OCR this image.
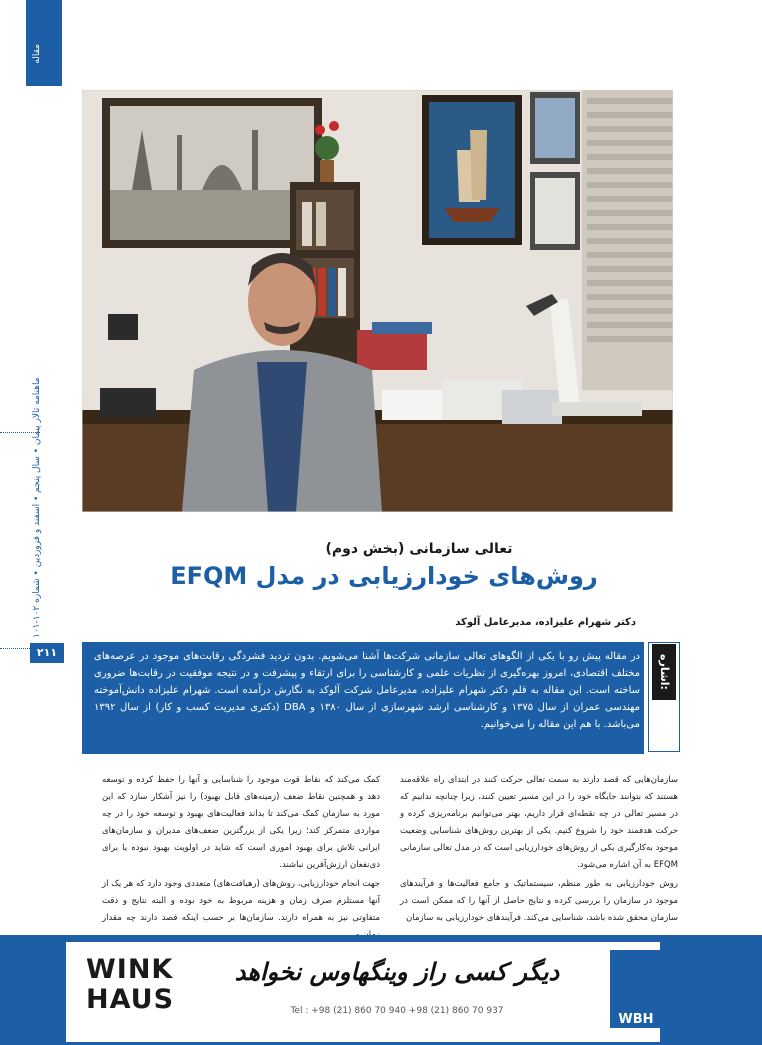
مقاله
ماهنامه تالار پیمان • سال پنجم • اسفند و فروردین • شماره ۱۰۲-۱۰۱
۲۱۱
تعالی سازمانی (بخش دوم)
روش‌های خودارزیابی در مدل EFQM
دکتر شهرام علیزاده، مدیرعامل آلوکد

در مقاله پیش رو با یکی از الگوهای تعالی سازمانی شرکت‌ها آشنا می‌شویم. بدون تردید فشردگی رقابت‌های موجود در عرصه‌های مختلف اقتصادی، امروز بهره‌گیری از نظریات علمی و کارشناسی را برای ارتقاء و پیشرفت و در نتیجه موفقیت در رقابت‌ها ضروری ساخته است. این مقاله به قلم دکتر شهرام علیزاده، مدیرعامل شرکت آلوکد به نگارش درآمده است. شهرام علیزاده دانش‌آموخته مهندسی عمران از سال ۱۳۷۵ و کارشناسی ارشد شهرسازی از سال ۱۳۸۰ و DBA (دکتری مدیریت کسب و کار) از سال ۱۳۹۲ می‌باشد. با هم این مقاله را می‌خوانیم.

اشاره:

سازمان‌هایی که قصد دارند به سمت تعالی حرکت کنند در ابتدای راه علاقه‌مند هستند که بتوانند جایگاه خود را در این مسیر تعیین کنند، زیرا چنانچه ندانیم که در مسیر تعالی در چه نقطه‌ای قرار داریم، بهتر می‌توانیم برنامه‌ریزی کرده و حرکت هدفمند خود را شروع کنیم. یکی از بهترین روش‌های شناسایی وضعیت موجود به‌کارگیری یکی از روش‌های خودارزیابی است که در مدل تعالی سازمانی EFQM به آن اشاره می‌شود.

روش خودارزیابی به طور منظم، سیستماتیک و جامع فعالیت‌ها و فرآیندهای موجود در سازمان را بررسی کرده و نتایج حاصل از آنها را که ممکن است در سازمان محقق شده باشد، شناسایی می‌کند. فرآیندهای خودارزیابی به سازمان

کمک می‌کند که نقاط قوت موجود را شناسایی و آنها را حفظ کرده و توسعه دهد و همچنین نقاط ضعف (زمینه‌های قابل بهبود) را نیز آشکار سازد که این مورد به سازمان کمک می‌کند تا بداند فعالیت‌های بهبود و توسعه خود را در چه مواردی متمرکز کند؛ زیرا یکی از بزرگترین ضعف‌های مدیران و سازمان‌های ایرانی تلاش برای بهبود اموری است که شاید در اولویت بهبود نبوده یا برای ذی‌نفعان ارزش‌آفرین نباشند.

جهت انجام خودارزیابی، روش‌های (رهیافت‌های) متعددی وجود دارد که هر یک از آنها مستلزم صرف زمان و هزینه مربوط به خود بوده و البته نتایج و دقت متفاوتی نیز به همراه دارند. سازمان‌ها بر حسب اینکه قصد دارند چه مقدار

WINK
HAUS
دیگر کسی راز وینگهاوس نخواهد
Tel : +98 (21) 860 70 940 +98 (21) 860 70 937
WBH
